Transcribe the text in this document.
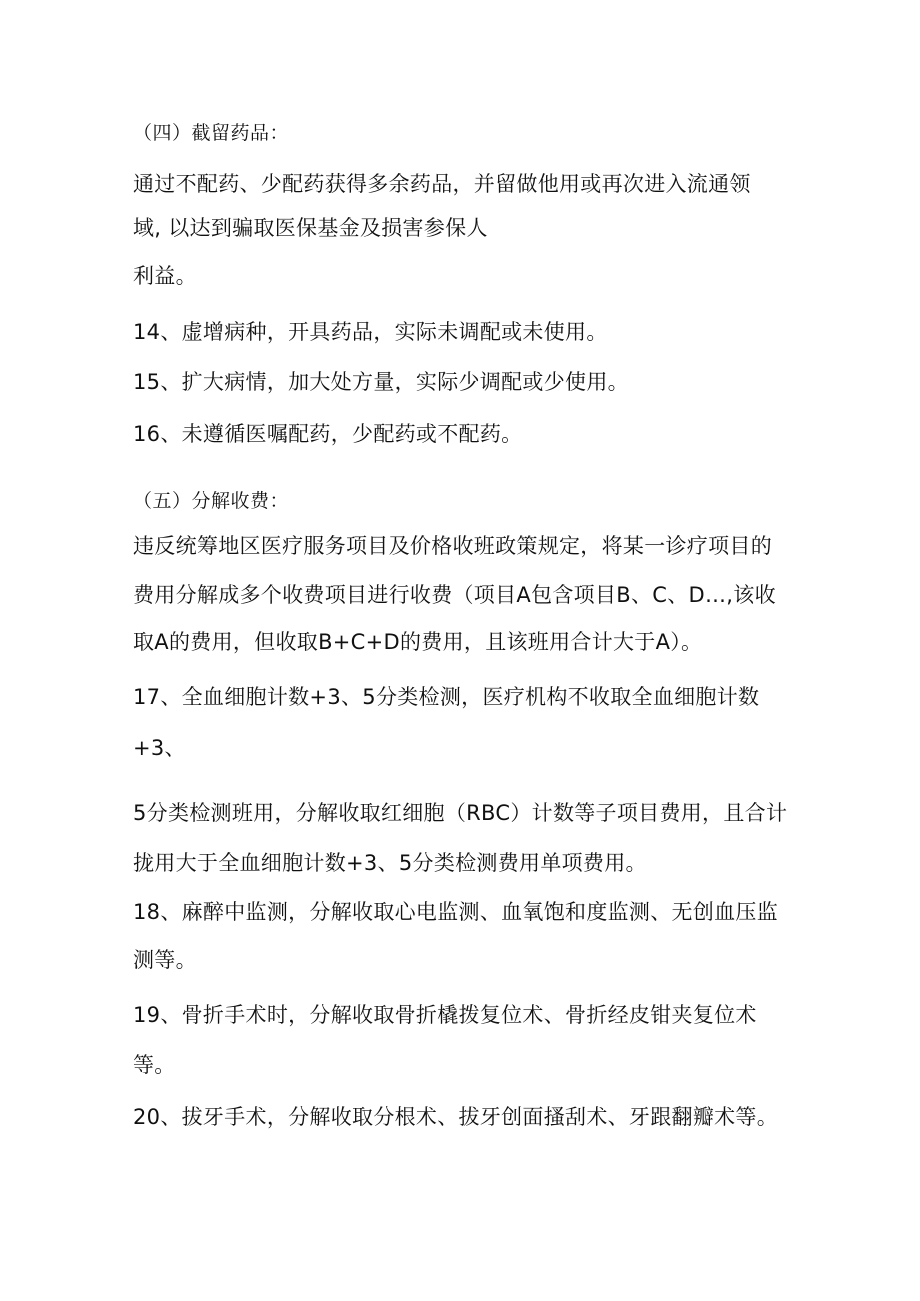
（四）截留药品：
通过不配药、少配药获得多余药品，并留做他用或再次进入流通领
域, 以达到骗取医保基金及损害参保人
利益。
14、虚增病种，开具药品，实际未调配或未使用。
15、扩大病情，加大处方量，实际少调配或少使用。
16、未遵循医嘱配药，少配药或不配药。
（五）分解收费：
违反统筹地区医疗服务项目及价格收班政策规定，将某一诊疗项目的
费用分解成多个收费项目进行收费（项目A包含项目B、C、D…,该收
取A的费用，但收取B+C+D的费用，且该班用合计大于A）。
17、全血细胞计数+3、5分类检测，医疗机构不收取全血细胞计数
+3、
5分类检测班用，分解收取红细胞（RBC）计数等子项目费用，且合计
拢用大于全血细胞计数+3、5分类检测费用单项费用。
18、麻醉中监测，分解收取心电监测、血氧饱和度监测、无创血压监
测等。
19、骨折手术时，分解收取骨折橇拨复位术、骨折经皮钳夹复位术
等。
20、拔牙手术，分解收取分根术、拔牙创面搔刮术、牙跟翻瓣术等。
